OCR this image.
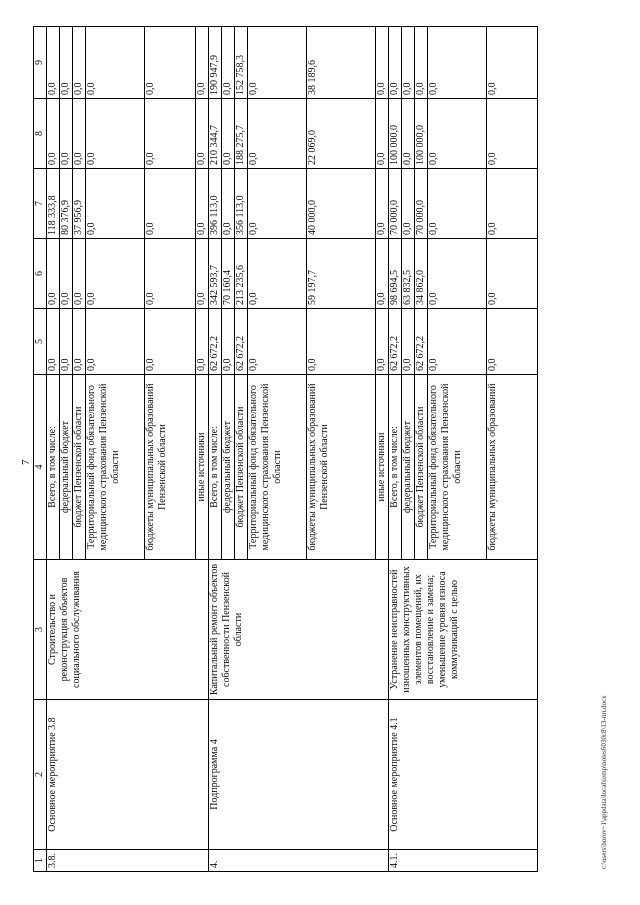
7
1	2	3	4	5	6	7	8	9
3.8.	Основное мероприятие 3.8	Строительство и реконструкция объектов социального обслуживания	Всего, в том числе:	0,0	0,0	118 333,8	0,0	0,0
			федеральный бюджет	0,0	0,0	80 376,9	0,0	0,0
			бюджет Пензенской области	0,0	0,0	37 956,9	0,0	0,0
			Территориальный фонд обязательного медицинского страхования Пензенской области	0,0	0,0	0,0	0,0	0,0
			бюджеты муниципальных образований Пензенской области	0,0	0,0	0,0	0,0	0,0
			иные источники	0,0	0,0	0,0	0,0	0,0
4.	Подпрограмма 4	Капитальный ремонт объектов собственности Пензенской области	Всего, в том числе:	62 672,2	342 593,7	396 113,0	210 344,7	190 947,9
			федеральный бюджет	0,0	70 160,4	0,0	0,0	0,0
			бюджет Пензенской области	62 672,2	213 235,6	356 113,0	188 275,7	152 758,3
			Территориальный фонд обязательного медицинского страхования Пензенской области	0,0	0,0	0,0	0,0	0,0
			бюджеты муниципальных образований Пензенской области	0,0	59 197,7	40 000,0	22 069,0	38 189,6
			иные источники	0,0	0,0	0,0	0,0	0,0
4.1.	Основное мероприятие 4.1	Устранение неисправностей изношенных конструктивных элементов помещений, их восстановление и замена; уменьшение уровня износа коммуникаций с целью	Всего, в том числе:	62 672,2	98 694,5	70 000,0	100 000,0	0,0
			федеральный бюджет	0,0	63 832,5	0,0	0,0	0,0
			бюджет Пензенской области	62 672,2	34 862,0	70 000,0	100 000,0	0,0
			Территориальный фонд обязательного медицинского страхования Пензенской области	0,0	0,0	0,0	0,0	0,0
			бюджеты муниципальных образований	0,0	0,0	0,0	0,0	0,0
c:\users\borov~1\appdata\local\temp\notes6030c8\13-пп.docx
